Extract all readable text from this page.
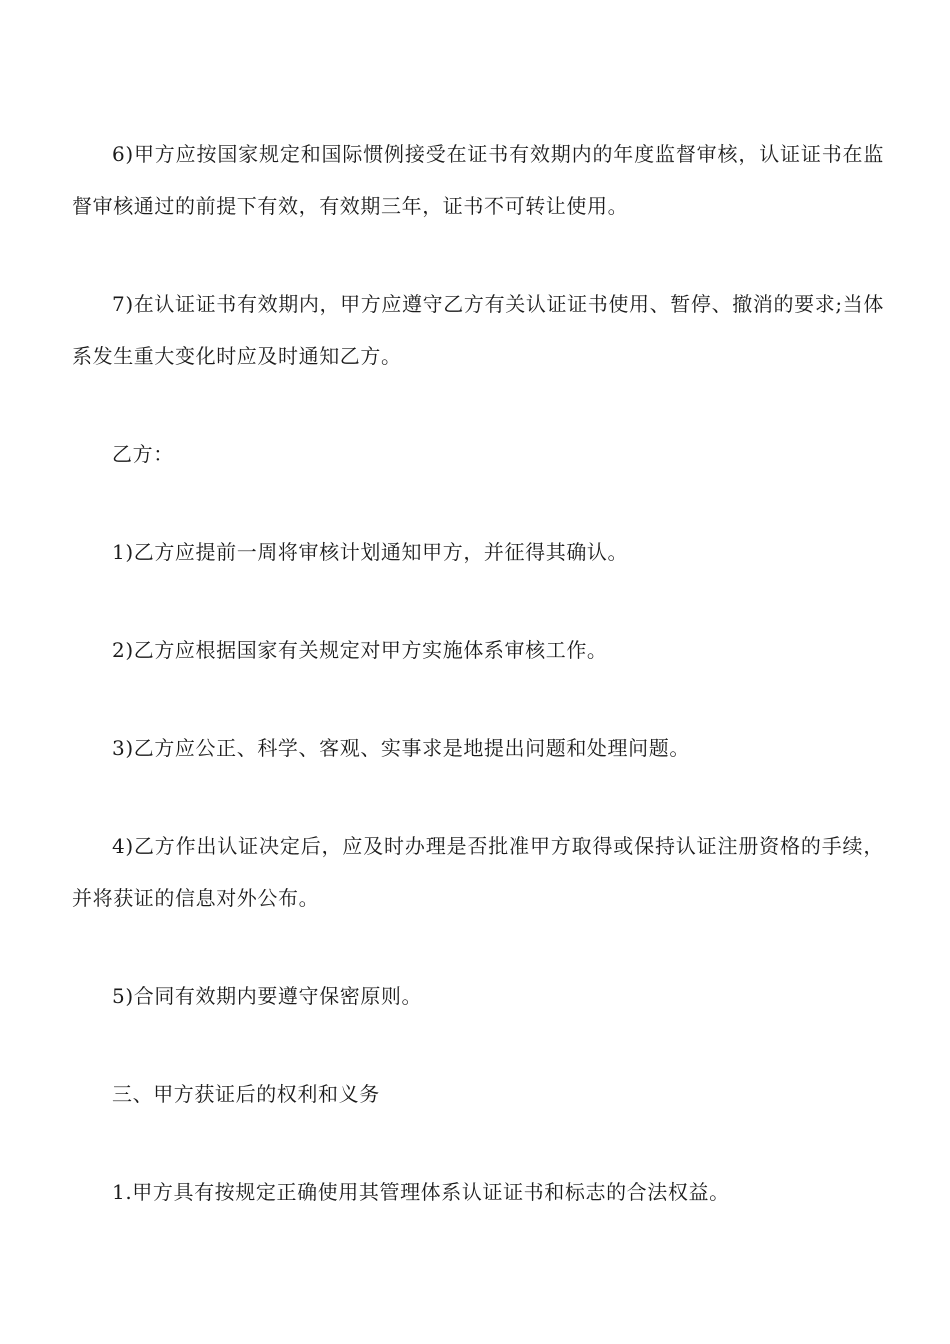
6)甲方应按国家规定和国际惯例接受在证书有效期内的年度监督审核，认证证书在监督审核通过的前提下有效，有效期三年，证书不可转让使用。

7)在认证证书有效期内，甲方应遵守乙方有关认证证书使用、暂停、撤消的要求;当体系发生重大变化时应及时通知乙方。

乙方：

1)乙方应提前一周将审核计划通知甲方，并征得其确认。

2)乙方应根据国家有关规定对甲方实施体系审核工作。

3)乙方应公正、科学、客观、实事求是地提出问题和处理问题。

4)乙方作出认证决定后，应及时办理是否批准甲方取得或保持认证注册资格的手续，并将获证的信息对外公布。

5)合同有效期内要遵守保密原则。

三、甲方获证后的权利和义务

1.甲方具有按规定正确使用其管理体系认证证书和标志的合法权益。
